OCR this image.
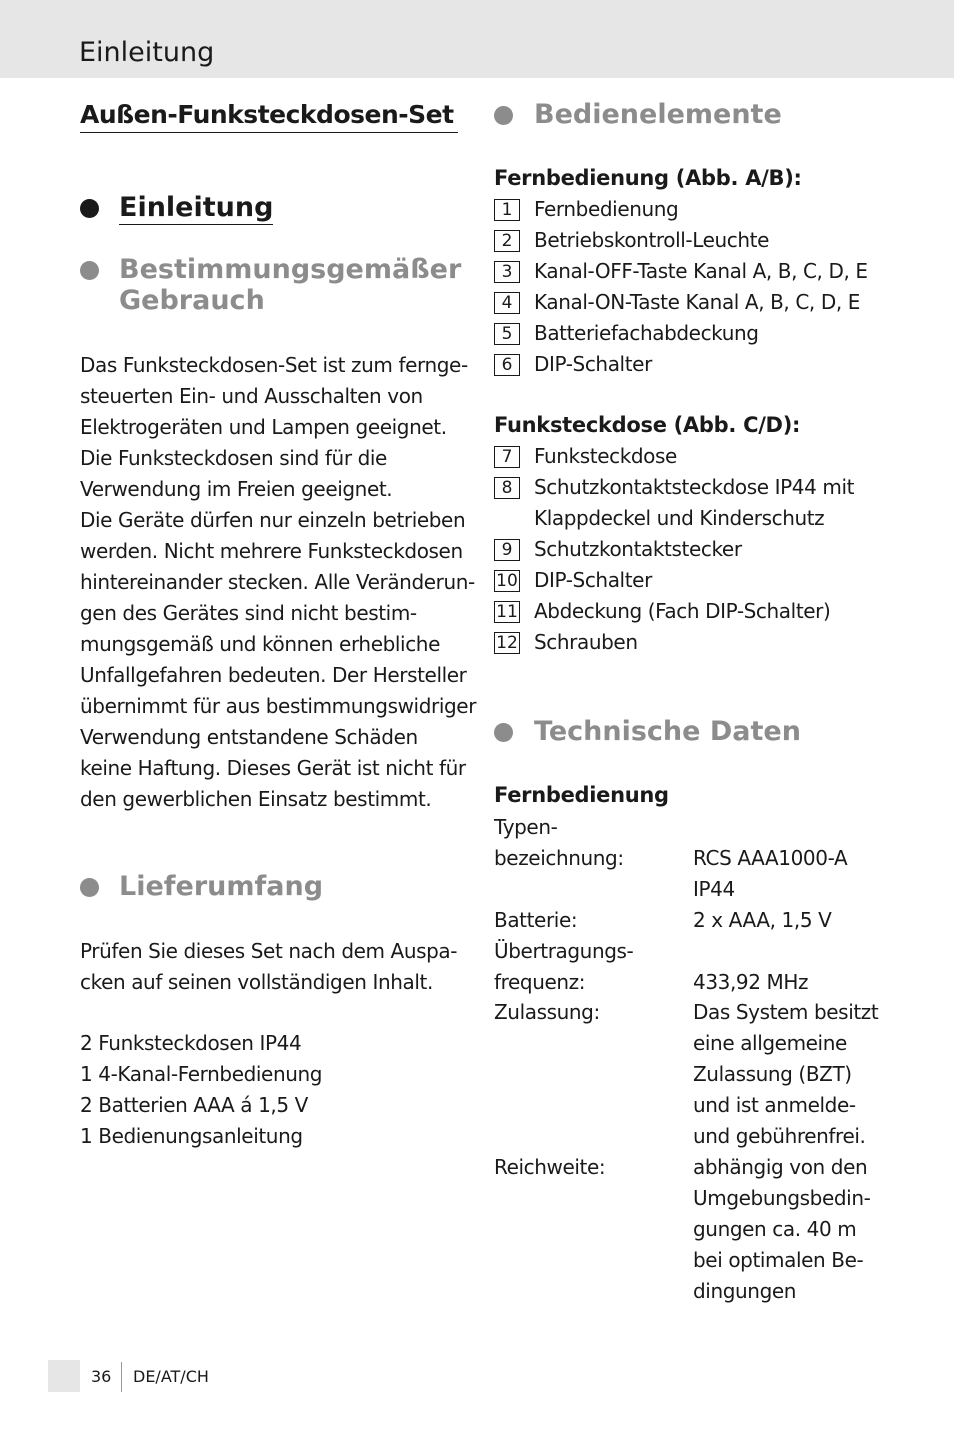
Einleitung
Außen-Funksteckdosen-Set
Einleitung
Bestimmungsgemäßer
Gebrauch
Das Funksteckdosen-Set ist zum fernge-
steuerten Ein- und Ausschalten von
Elektrogeräten und Lampen geeignet.
Die Funksteckdosen sind für die
Verwendung im Freien geeignet.
Die Geräte dürfen nur einzeln betrieben
werden. Nicht mehrere Funksteckdosen
hintereinander stecken. Alle Veränderun-
gen des Gerätes sind nicht bestim-
mungsgemäß und können erhebliche
Unfallgefahren bedeuten. Der Hersteller
übernimmt für aus bestimmungswidriger
Verwendung entstandene Schäden
keine Haftung. Dieses Gerät ist nicht für
den gewerblichen Einsatz bestimmt.
Lieferumfang
Prüfen Sie dieses Set nach dem Auspa-
cken auf seinen vollständigen Inhalt.
2 Funksteckdosen IP44
1 4-Kanal-Fernbedienung
2 Batterien AAA á 1,5 V
1 Bedienungsanleitung
Bedienelemente
Fernbedienung (Abb. A/B):
1	Fernbedienung
2	Betriebskontroll-Leuchte
3	Kanal-OFF-Taste Kanal A, B, C, D, E
4	Kanal-ON-Taste Kanal A, B, C, D, E
5	Batteriefachabdeckung
6	DIP-Schalter
Funksteckdose (Abb. C/D):
7	Funksteckdose
8	Schutzkontaktsteckdose IP44 mit
Klappdeckel und Kinderschutz
9	Schutzkontaktstecker
10 DIP-Schalter
11 Abdeckung (Fach DIP-Schalter)
12 Schrauben
Technische Daten
Fernbedienung
Typen-
bezeichnung:	RCS AAA1000-A
IP44
Batterie:	2 x AAA, 1,5 V
Übertragungs-
frequenz:	433,92 MHz
Zulassung:	Das System besitzt
eine allgemeine
Zulassung (BZT)
und ist anmelde-
und gebührenfrei.
Reichweite:	abhängig von den
Umgebungsbedin-
gungen ca. 40 m
bei optimalen Be-
dingungen
36 DE/AT/CH
